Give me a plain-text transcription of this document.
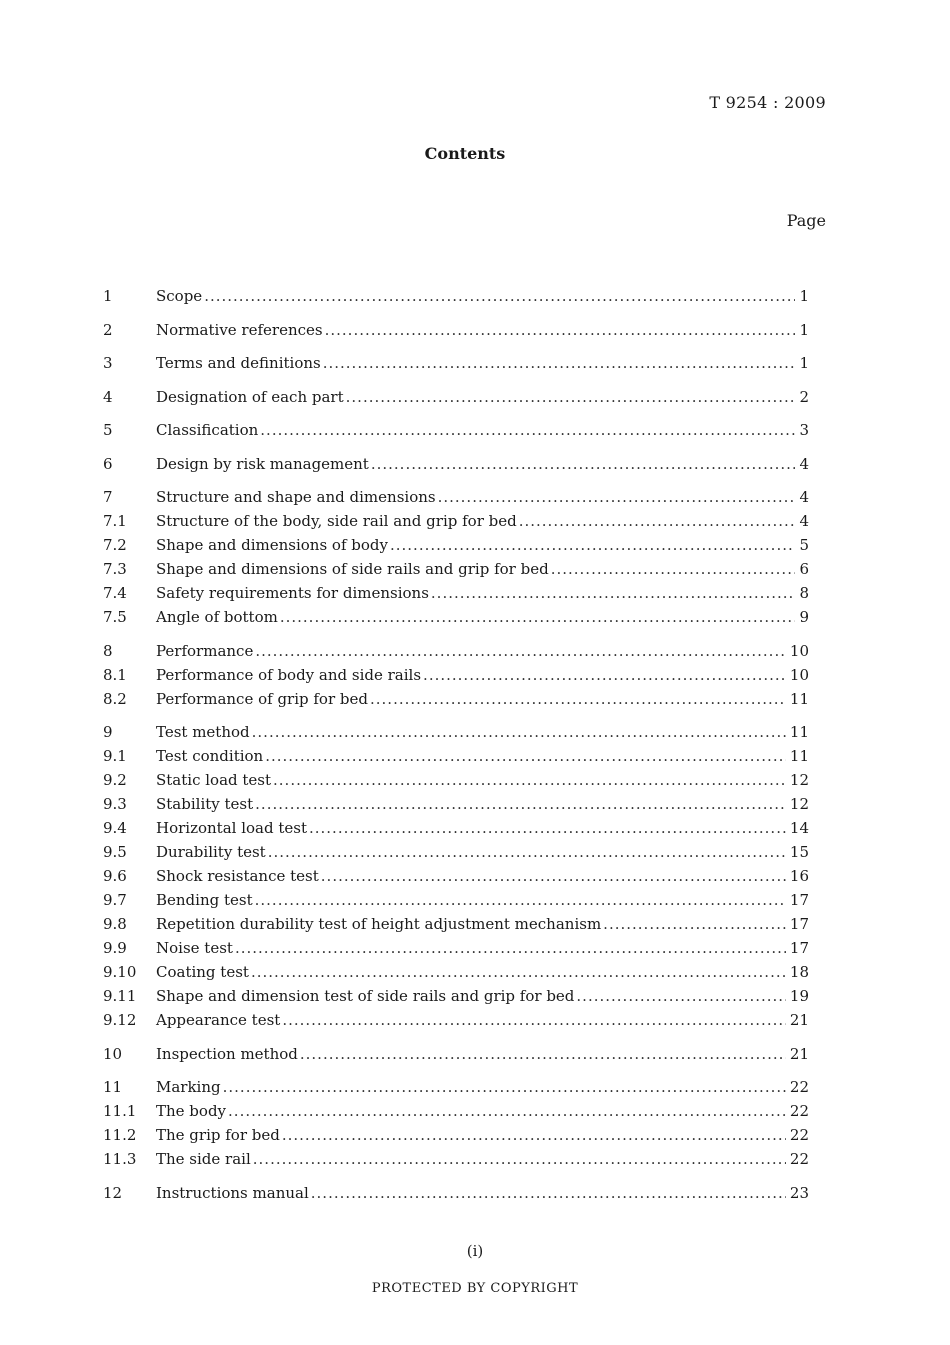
T 9254 : 2009
Contents
Page
1	Scope .....	1
2	Normative references .....	1
3	Terms and definitions .....	1
4	Designation of each part .....	2
5	Classification .....	3
6	Design by risk management .....	4
7	Structure and shape and dimensions .....	4
7.1	Structure of the body, side rail and grip for bed .....	4
7.2	Shape and dimensions of body .....	5
7.3	Shape and dimensions of side rails and grip for bed .....	6
7.4	Safety requirements for dimensions .....	8
7.5	Angle of bottom .....	9
8	Performance .....	10
8.1	Performance of body and side rails .....	10
8.2	Performance of grip for bed .....	11
9	Test method .....	11
9.1	Test condition .....	11
9.2	Static load test .....	12
9.3	Stability test .....	12
9.4	Horizontal load test .....	14
9.5	Durability test .....	15
9.6	Shock resistance test .....	16
9.7	Bending test .....	17
9.8	Repetition durability test of height adjustment mechanism .....	17
9.9	Noise test .....	17
9.10	Coating test .....	18
9.11	Shape and dimension test of side rails and grip for bed .....	19
9.12	Appearance test .....	21
10	Inspection method .....	21
11	Marking .....	22
11.1	The body .....	22
11.2	The grip for bed .....	22
11.3	The side rail .....	22
12	Instructions manual .....	23
(i)
PROTECTED BY COPYRIGHT
